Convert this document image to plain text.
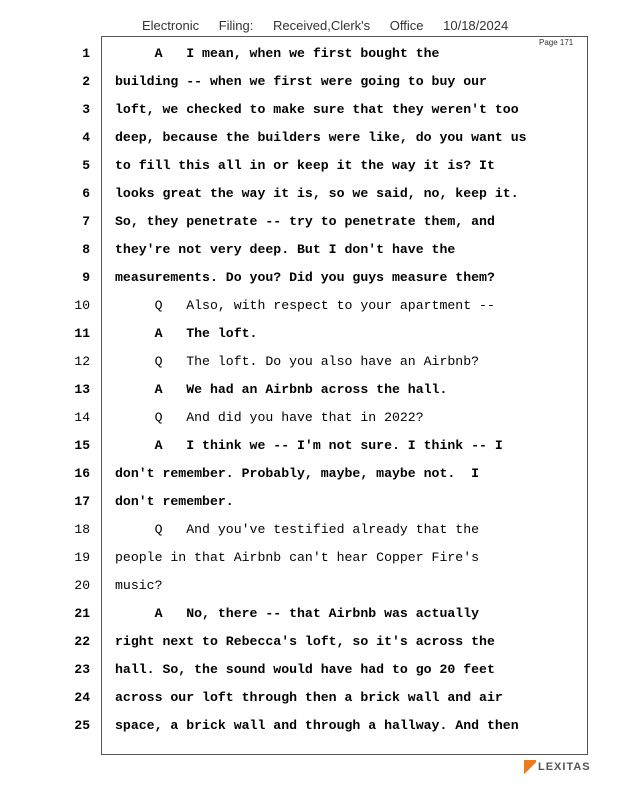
Electronic Filing: Received,Clerk's Office 10/18/2024
Page 171
1 A   I mean, when we first bought the
2 building -- when we first were going to buy our
3 loft, we checked to make sure that they weren't too
4 deep, because the builders were like, do you want us
5 to fill this all in or keep it the way it is? It
6 looks great the way it is, so we said, no, keep it.
7 So, they penetrate -- try to penetrate them, and
8 they're not very deep. But I don't have the
9 measurements. Do you? Did you guys measure them?
10 Q   Also, with respect to your apartment --
11 A   The loft.
12 Q   The loft. Do you also have an Airbnb?
13 A   We had an Airbnb across the hall.
14 Q   And did you have that in 2022?
15 A   I think we -- I'm not sure. I think -- I
16 don't remember. Probably, maybe, maybe not.  I
17 don't remember.
18 Q   And you've testified already that the
19 people in that Airbnb can't hear Copper Fire's
20 music?
21 A   No, there -- that Airbnb was actually
22 right next to Rebecca's loft, so it's across the
23 hall. So, the sound would have had to go 20 feet
24 across our loft through then a brick wall and air
25 space, a brick wall and through a hallway. And then
LEXITAS
